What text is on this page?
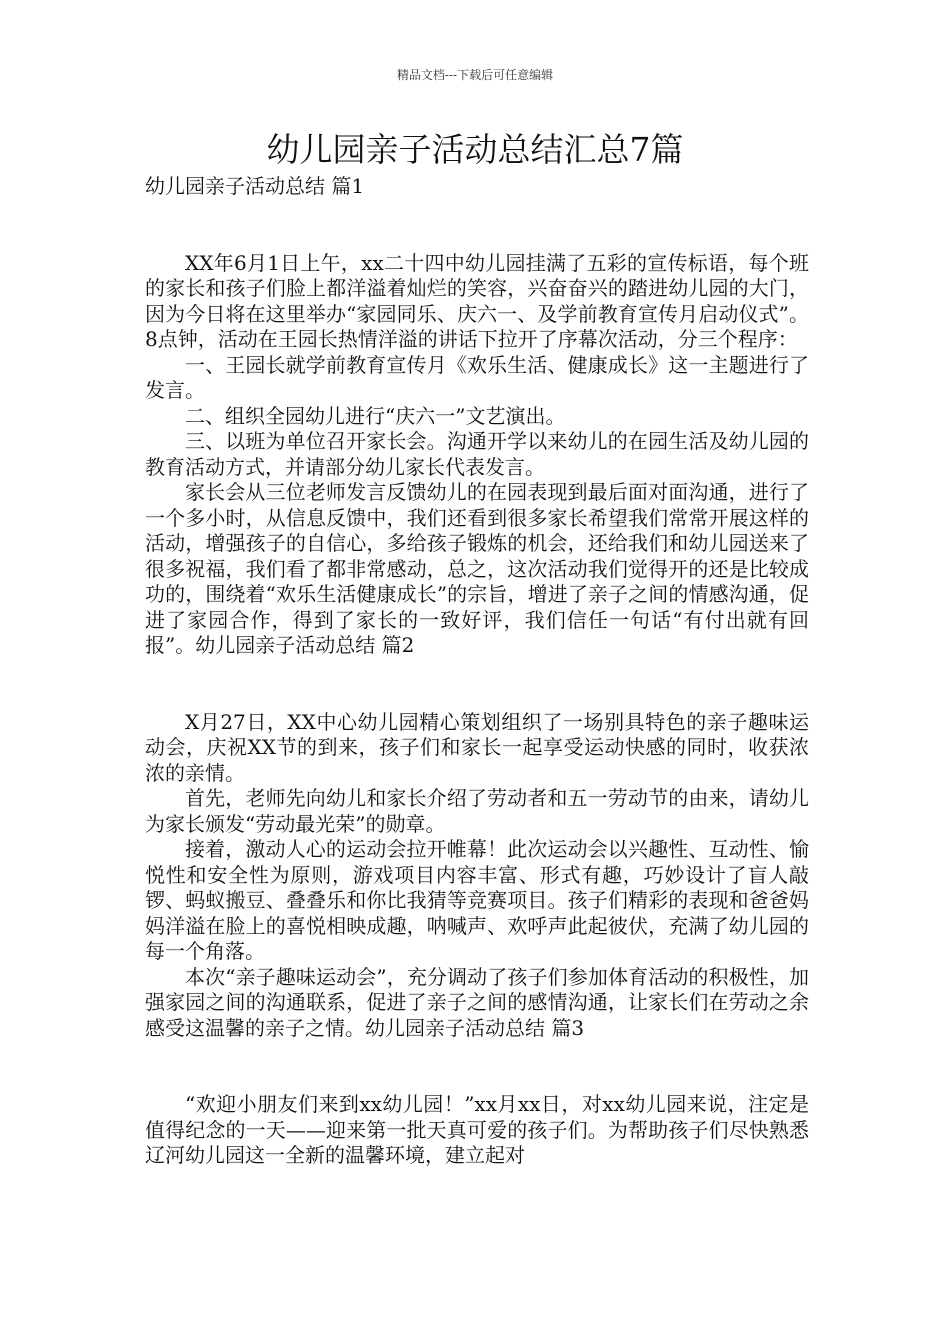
精品文档---下载后可任意编辑
幼儿园亲子活动总结汇总7篇

幼儿园亲子活动总结 篇1

XX年6月1日上午，xx二十四中幼儿园挂满了五彩的宣传标语，每个班的家长和孩子们脸上都洋溢着灿烂的笑容，兴奋奋兴的踏进幼儿园的大门，因为今日将在这里举办“家园同乐、庆六一、及学前教育宣传月启动仪式”。8点钟，活动在王园长热情洋溢的讲话下拉开了序幕次活动，分三个程序：

一、王园长就学前教育宣传月《欢乐生活、健康成长》这一主题进行了发言。

二、组织全园幼儿进行“庆六一”文艺演出。

三、以班为单位召开家长会。沟通开学以来幼儿的在园生活及幼儿园的教育活动方式，并请部分幼儿家长代表发言。

家长会从三位老师发言反馈幼儿的在园表现到最后面对面沟通，进行了一个多小时，从信息反馈中，我们还看到很多家长希望我们常常开展这样的活动，增强孩子的自信心，多给孩子锻炼的机会，还给我们和幼儿园送来了很多祝福，我们看了都非常感动，总之，这次活动我们觉得开的还是比较成功的，围绕着“欢乐生活健康成长”的宗旨，增进了亲子之间的情感沟通，促进了家园合作，得到了家长的一致好评，我们信任一句话“有付出就有回报”。幼儿园亲子活动总结 篇2

X月27日，XX中心幼儿园精心策划组织了一场别具特色的亲子趣味运动会，庆祝XX节的到来，孩子们和家长一起享受运动快感的同时，收获浓浓的亲情。

首先，老师先向幼儿和家长介绍了劳动者和五一劳动节的由来，请幼儿为家长颁发“劳动最光荣”的勋章。

接着，激动人心的运动会拉开帷幕！此次运动会以兴趣性、互动性、愉悦性和安全性为原则，游戏项目内容丰富、形式有趣，巧妙设计了盲人敲锣、蚂蚁搬豆、叠叠乐和你比我猜等竞赛项目。孩子们精彩的表现和爸爸妈妈洋溢在脸上的喜悦相映成趣，呐喊声、欢呼声此起彼伏，充满了幼儿园的每一个角落。

本次“亲子趣味运动会”，充分调动了孩子们参加体育活动的积极性，加强家园之间的沟通联系，促进了亲子之间的感情沟通，让家长们在劳动之余感受这温馨的亲子之情。幼儿园亲子活动总结 篇3

“欢迎小朋友们来到xx幼儿园！”xx月xx日，对xx幼儿园来说，注定是值得纪念的一天——迎来第一批天真可爱的孩子们。为帮助孩子们尽快熟悉辽河幼儿园这一全新的温馨环境，建立起对
